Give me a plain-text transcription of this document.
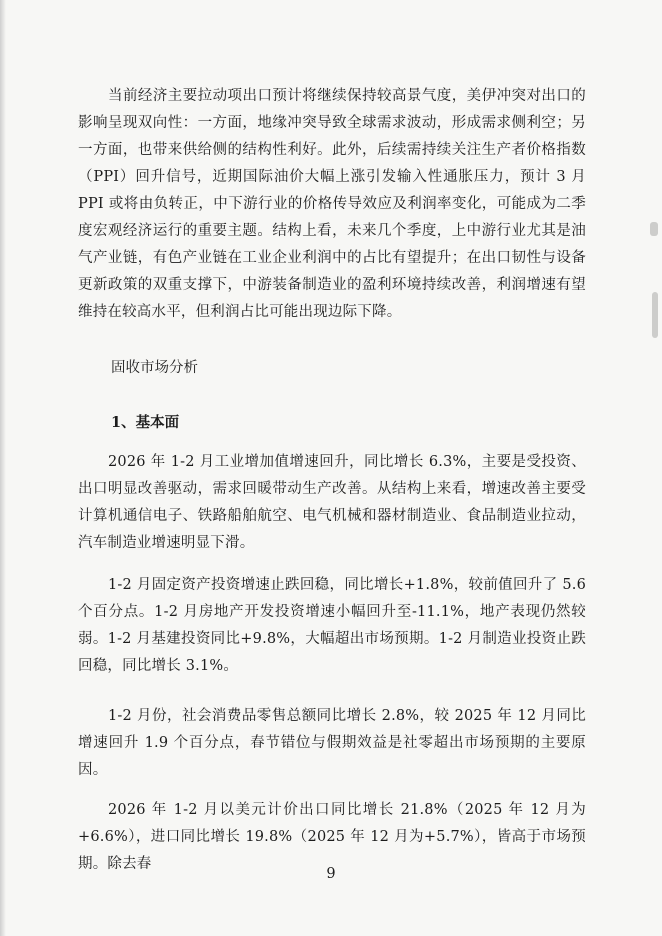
当前经济主要拉动项出口预计将继续保持较高景气度，美伊冲突对出口的影响呈现双向性：一方面，地缘冲突导致全球需求波动，形成需求侧利空；另一方面，也带来供给侧的结构性利好。此外，后续需持续关注生产者价格指数（PPI）回升信号，近期国际油价大幅上涨引发输入性通胀压力，预计 3 月 PPI 或将由负转正，中下游行业的价格传导效应及利润率变化，可能成为二季度宏观经济运行的重要主题。结构上看，未来几个季度，上中游行业尤其是油气产业链，有色产业链在工业企业利润中的占比有望提升；在出口韧性与设备更新政策的双重支撑下，中游装备制造业的盈利环境持续改善，利润增速有望维持在较高水平，但利润占比可能出现边际下降。

固收市场分析

1、基本面

2026 年 1-2 月工业增加值增速回升，同比增长 6.3%，主要是受投资、出口明显改善驱动，需求回暖带动生产改善。从结构上来看，增速改善主要受计算机通信电子、铁路船舶航空、电气机械和器材制造业、食品制造业拉动，汽车制造业增速明显下滑。

1-2 月固定资产投资增速止跌回稳，同比增长+1.8%，较前值回升了 5.6 个百分点。1-2 月房地产开发投资增速小幅回升至-11.1%，地产表现仍然较弱。1-2 月基建投资同比+9.8%，大幅超出市场预期。1-2 月制造业投资止跌回稳，同比增长 3.1%。

1-2 月份，社会消费品零售总额同比增长 2.8%，较 2025 年 12 月同比增速回升 1.9 个百分点，春节错位与假期效益是社零超出市场预期的主要原因。

2026 年 1-2 月以美元计价出口同比增长 21.8%（2025 年 12 月为+6.6%），进口同比增长 19.8%（2025 年 12 月为+5.7%），皆高于市场预期。除去春

9
